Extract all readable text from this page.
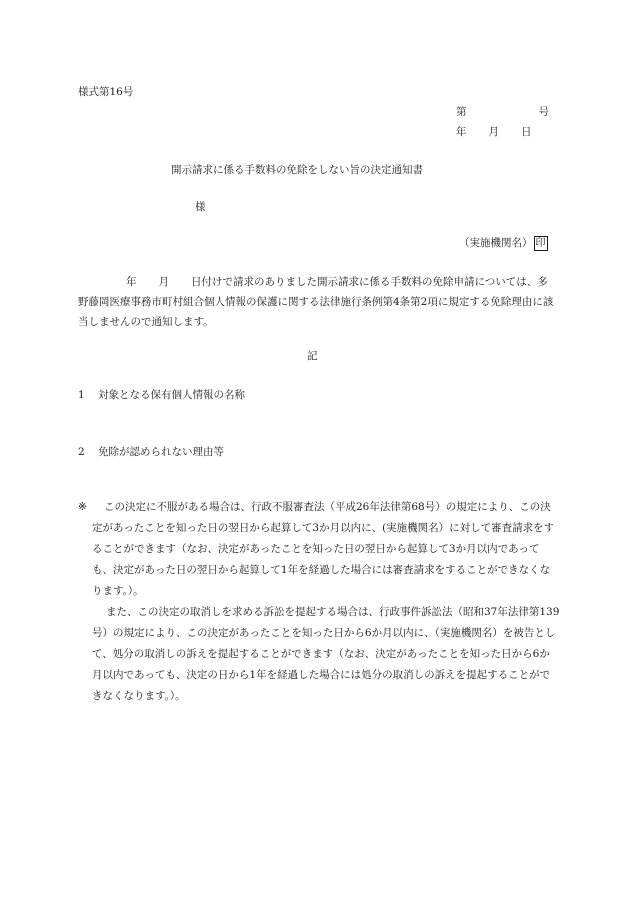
様式第16号
第	号
年 月 日
開示請求に係る手数料の免除をしない旨の決定通知書
様
（実施機関名） 印
年 月 日付けで請求のありました開示請求に係る手数料の免除申請については、多野藤岡医療事務市町村組合個人情報の保護に関する法律施行条例第4条第2項に規定する免除理由に該当しませんので通知します。
記
1 対象となる保有個人情報の名称
2 免除が認められない理由等

※ この決定に不服がある場合は、行政不服審査法（平成26年法律第68号）の規定により、この決定があったことを知った日の翌日から起算して3か月以内に、(実施機関名）に対して審査請求をすることができます（なお、決定があったことを知った日の翌日から起算して3か月以内であっても、決定があった日の翌日から起算して1年を経過した場合には審査請求をすることができなくなります。）。

また、この決定の取消しを求める訴訟を提起する場合は、行政事件訴訟法（昭和37年法律第139号）の規定により、この決定があったことを知った日から6か月以内に、（実施機関名）を被告として、処分の取消しの訴えを提起することができます（なお、決定があったことを知った日から6か月以内であっても、決定の日から1年を経過した場合には処分の取消しの訴えを提起することができなくなります。）。
